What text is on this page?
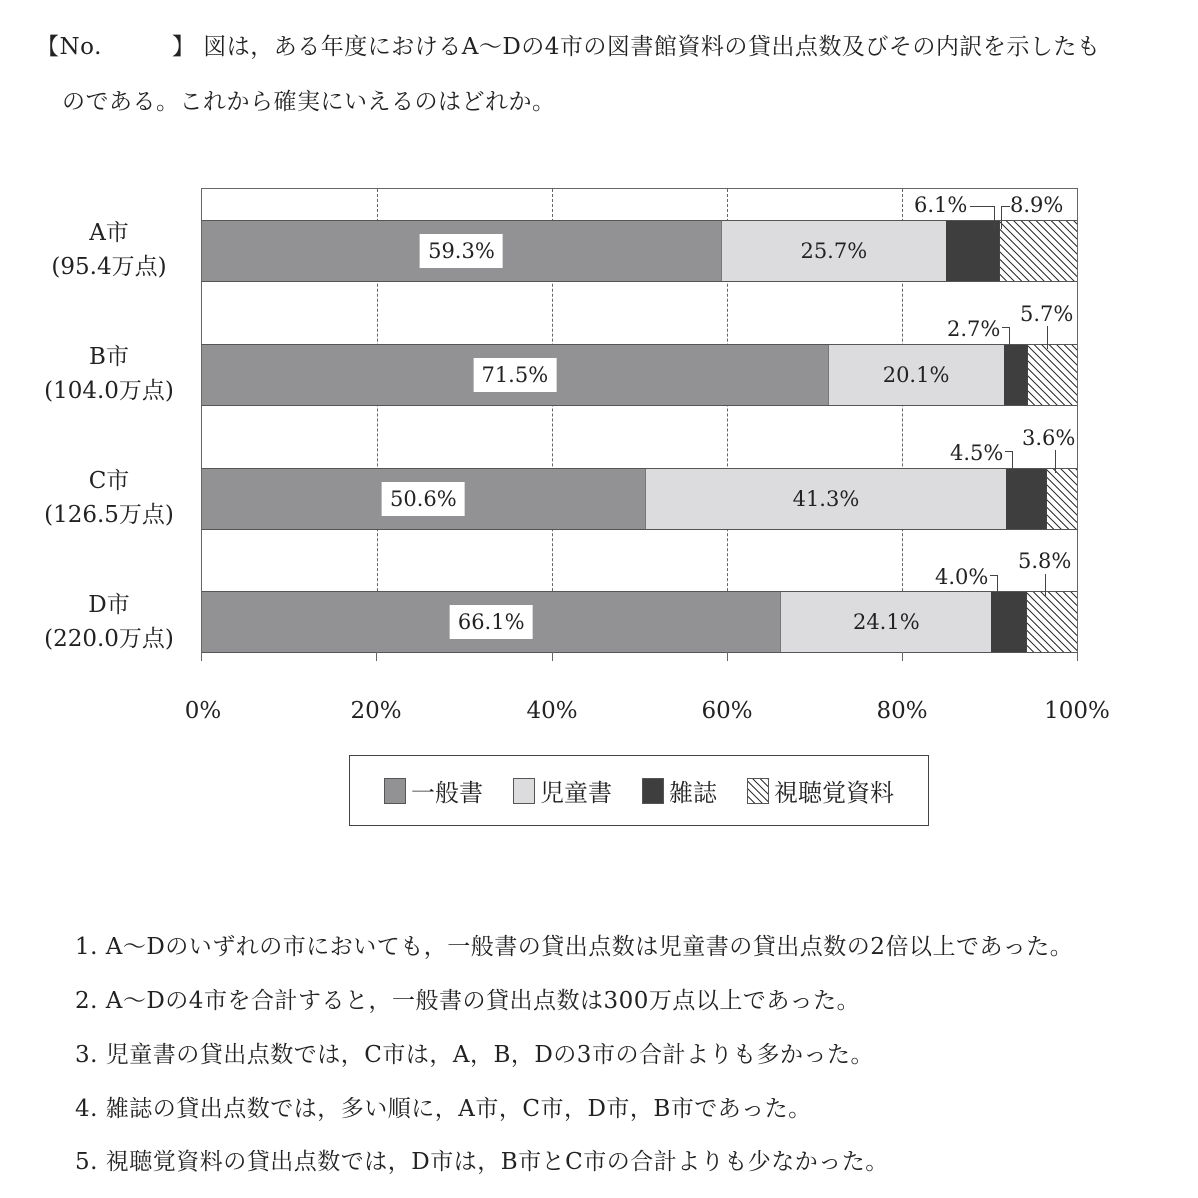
【No.	】 図は，ある年度におけるA～Dの4市の図書館資料の貸出点数及びその内訳を示したも
のである。これから確実にいえるのはどれか。
A市
(95.4万点)
B市
(104.0万点)
C市
(126.5万点)
D市
(220.0万点)
59.3%	25.7%
6.1% 8.9%
71.5%	20.1%
2.7%
5.7%
50.6%	41.3%
4.5%
3.6%
66.1%	24.1%
4.0%
5.8%
0%	20%	40%	60%	80%	100%
一般書 児童書 雑誌 視聴覚資料
1. A～Dのいずれの市においても，一般書の貸出点数は児童書の貸出点数の2倍以上であった。
2. A～Dの4市を合計すると，一般書の貸出点数は300万点以上であった。
3. 児童書の貸出点数では，C市は，A，B，Dの3市の合計よりも多かった。
4. 雑誌の貸出点数では，多い順に，A市，C市，D市，B市であった。
5. 視聴覚資料の貸出点数では，D市は，B市とC市の合計よりも少なかった。
